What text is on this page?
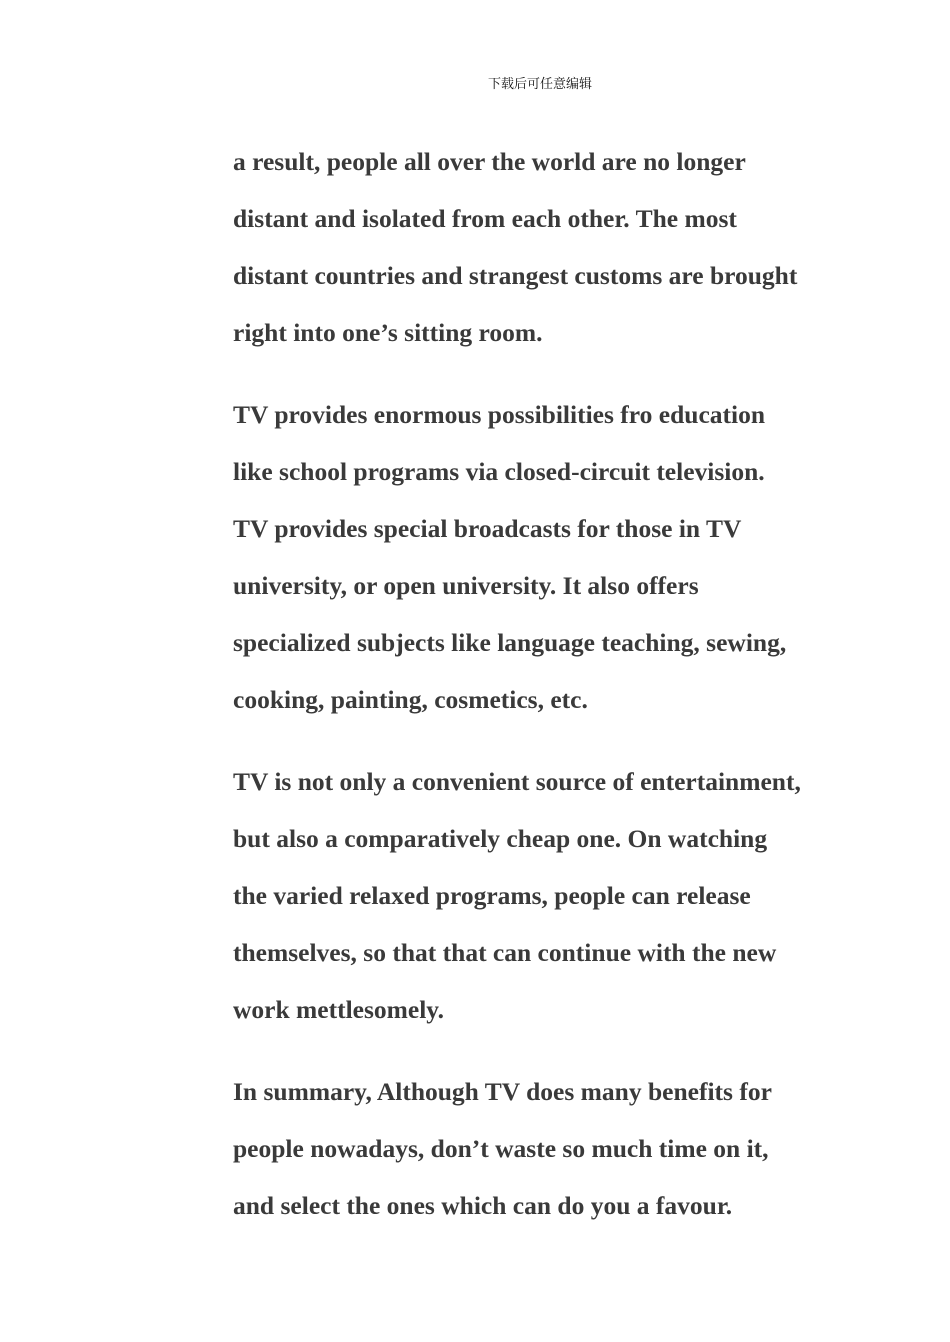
下载后可任意编辑

a result, people all over the world are no longer
distant and isolated from each other. The most
distant countries and strangest customs are brought
right into one’s sitting room.

TV provides enormous possibilities fro education
like school programs via closed-circuit television.
TV provides special broadcasts for those in TV
university, or open university. It also offers
specialized subjects like language teaching, sewing,
cooking, painting, cosmetics, etc.

TV is not only a convenient source of entertainment,
but also a comparatively cheap one. On watching
the varied relaxed programs, people can release
themselves, so that that can continue with the new
work mettlesomely.

In summary, Although TV does many benefits for
people nowadays, don’t waste so much time on it,
and select the ones which can do you a favour.
